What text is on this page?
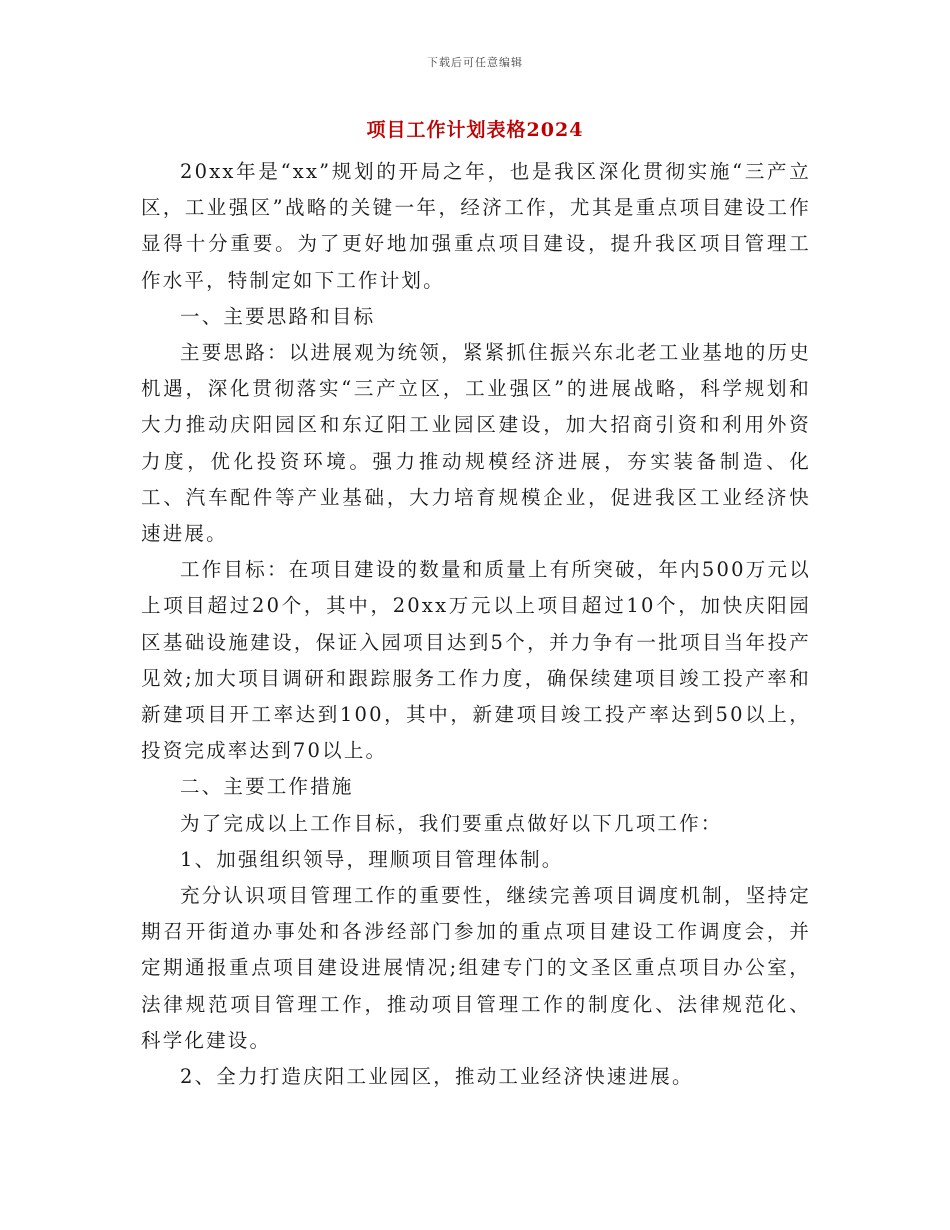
下载后可任意编辑
项目工作计划表格2024

20xx年是“xx”规划的开局之年，也是我区深化贯彻实施“三产立区，工业强区”战略的关键一年，经济工作，尤其是重点项目建设工作显得十分重要。为了更好地加强重点项目建设，提升我区项目管理工作水平，特制定如下工作计划。

一、主要思路和目标

主要思路：以进展观为统领，紧紧抓住振兴东北老工业基地的历史机遇，深化贯彻落实“三产立区，工业强区”的进展战略，科学规划和大力推动庆阳园区和东辽阳工业园区建设，加大招商引资和利用外资力度，优化投资环境。强力推动规模经济进展，夯实装备制造、化工、汽车配件等产业基础，大力培育规模企业，促进我区工业经济快速进展。

工作目标：在项目建设的数量和质量上有所突破，年内500万元以上项目超过20个，其中，20xx万元以上项目超过10个，加快庆阳园区基础设施建设，保证入园项目达到5个，并力争有一批项目当年投产见效;加大项目调研和跟踪服务工作力度，确保续建项目竣工投产率和新建项目开工率达到100，其中，新建项目竣工投产率达到50以上，投资完成率达到70以上。

二、主要工作措施

为了完成以上工作目标，我们要重点做好以下几项工作：

1、加强组织领导，理顺项目管理体制。

充分认识项目管理工作的重要性，继续完善项目调度机制，坚持定期召开街道办事处和各涉经部门参加的重点项目建设工作调度会，并定期通报重点项目建设进展情况;组建专门的文圣区重点项目办公室，法律规范项目管理工作，推动项目管理工作的制度化、法律规范化、科学化建设。

2、全力打造庆阳工业园区，推动工业经济快速进展。
